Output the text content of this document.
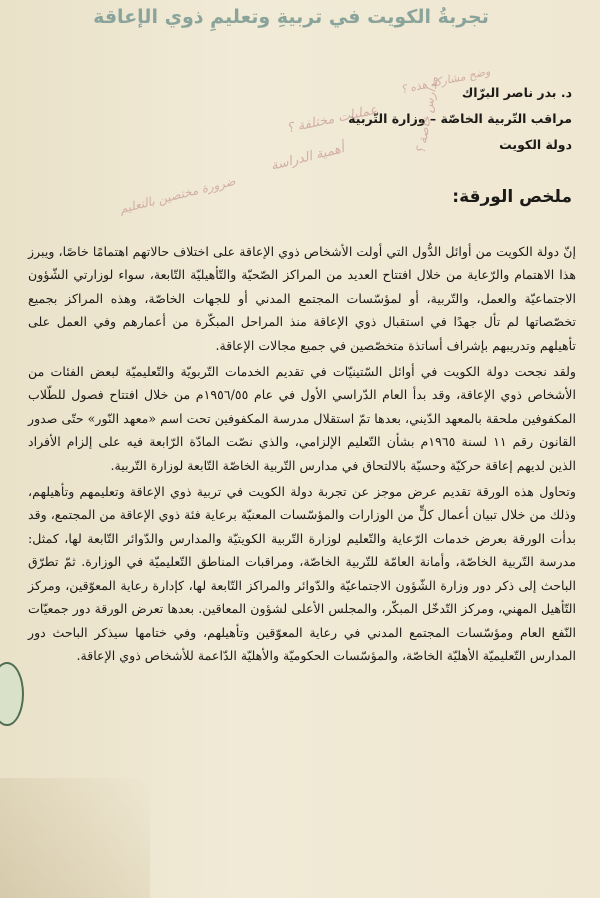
تجربةُ الكويت في تربيةِ وتعليمِ ذوي الإعاقة
د. بدر ناصر البرّاك
مراقب التّربية الخاصّة – وزارة التّربية
دولة الكويت
وضح مشاركة هذه ؟
عمليات مختلفة ؟	مدارس خاصة ؟
ضرورة مختصين بالتعليم
أهمية الدراسة
ملخص الورقة:

إنّ دولة الكويت من أوائل الدُّول التي أولت الأشخاص ذوي الإعاقة على اختلاف حالاتهم اهتمامًا خاصًا، ويبرز هذا الاهتمام والرّعاية من خلال افتتاح العديد من المراكز الصّحيّة والتّأهيليّة التّابعة، سواء لوزارتي الشّؤون الاجتماعيّة والعمل، والتّربية، أو لمؤسّسات المجتمع المدني أو للجهات الخاصّة، وهذه المراكز بجميع تخصّصاتها لم تأل جهدًا في استقبال ذوي الإعاقة منذ المراحل المبكّرة من أعمارهم وفي العمل على تأهيلهم وتدريبهم بإشراف أساتذة متخصّصين في جميع مجالات الإعاقة.

ولقد نجحت دولة الكويت في أوائل السّتينيّات في تقديم الخدمات التّربويّة والتّعليميّة لبعض الفئات من الأشخاص ذوي الإعاقة، وقد بدأ العام الدّراسي الأول في عام ١٩٥٦/٥٥م من خلال افتتاح فصول للطّلاب المكفوفين ملحقة بالمعهد الدّيني، بعدها تمّ استقلال مدرسة المكفوفين تحت اسم «معهد النّور» حتّى صدور القانون رقم ١١ لسنة ١٩٦٥م بشأن التّعليم الإلزامي، والذي نصّت المادّة الرّابعة فيه على إلزام الأفراد الذين لديهم إعاقة حركيّة وحسيّة بالالتحاق في مدارس التّربية الخاصّة التّابعة لوزارة التّربية.

وتحاول هذه الورقة تقديم عرض موجز عن تجربة دولة الكويت في تربية ذوي الإعاقة وتعليمهم وتأهيلهم، وذلك من خلال تبيان أعمال كلٍّ من الوزارات والمؤسّسات المعنيّة برعاية فئة ذوي الإعاقة من المجتمع، وقد بدأت الورقة بعرض خدمات الرّعاية والتّعليم لوزارة التّربية الكويتيّة والمدارس والدّوائر التّابعة لها، كمثل: مدرسة التّربية الخاصّة، وأمانة العامّة للتّربية الخاصّة، ومراقبات المناطق التّعليميّة في الوزارة. ثمّ تطرّق الباحث إلى ذكر دور وزارة الشّؤون الاجتماعيّة والدّوائر والمراكز التّابعة لها، كإدارة رعاية المعوّقين، ومركز التّأهيل المهني، ومركز التّدخّل المبكّر، والمجلس الأعلى لشؤون المعاقين. بعدها تعرض الورقة دور جمعيّات النّفع العام ومؤسّسات المجتمع المدني في رعاية المعوّقين وتأهيلهم، وفي ختامها سيذكر الباحث دور المدارس التّعليميّة الأهليّة الخاصّة، والمؤسّسات الحكوميّة والأهليّة الدّاعمة للأشخاص ذوي الإعاقة.
